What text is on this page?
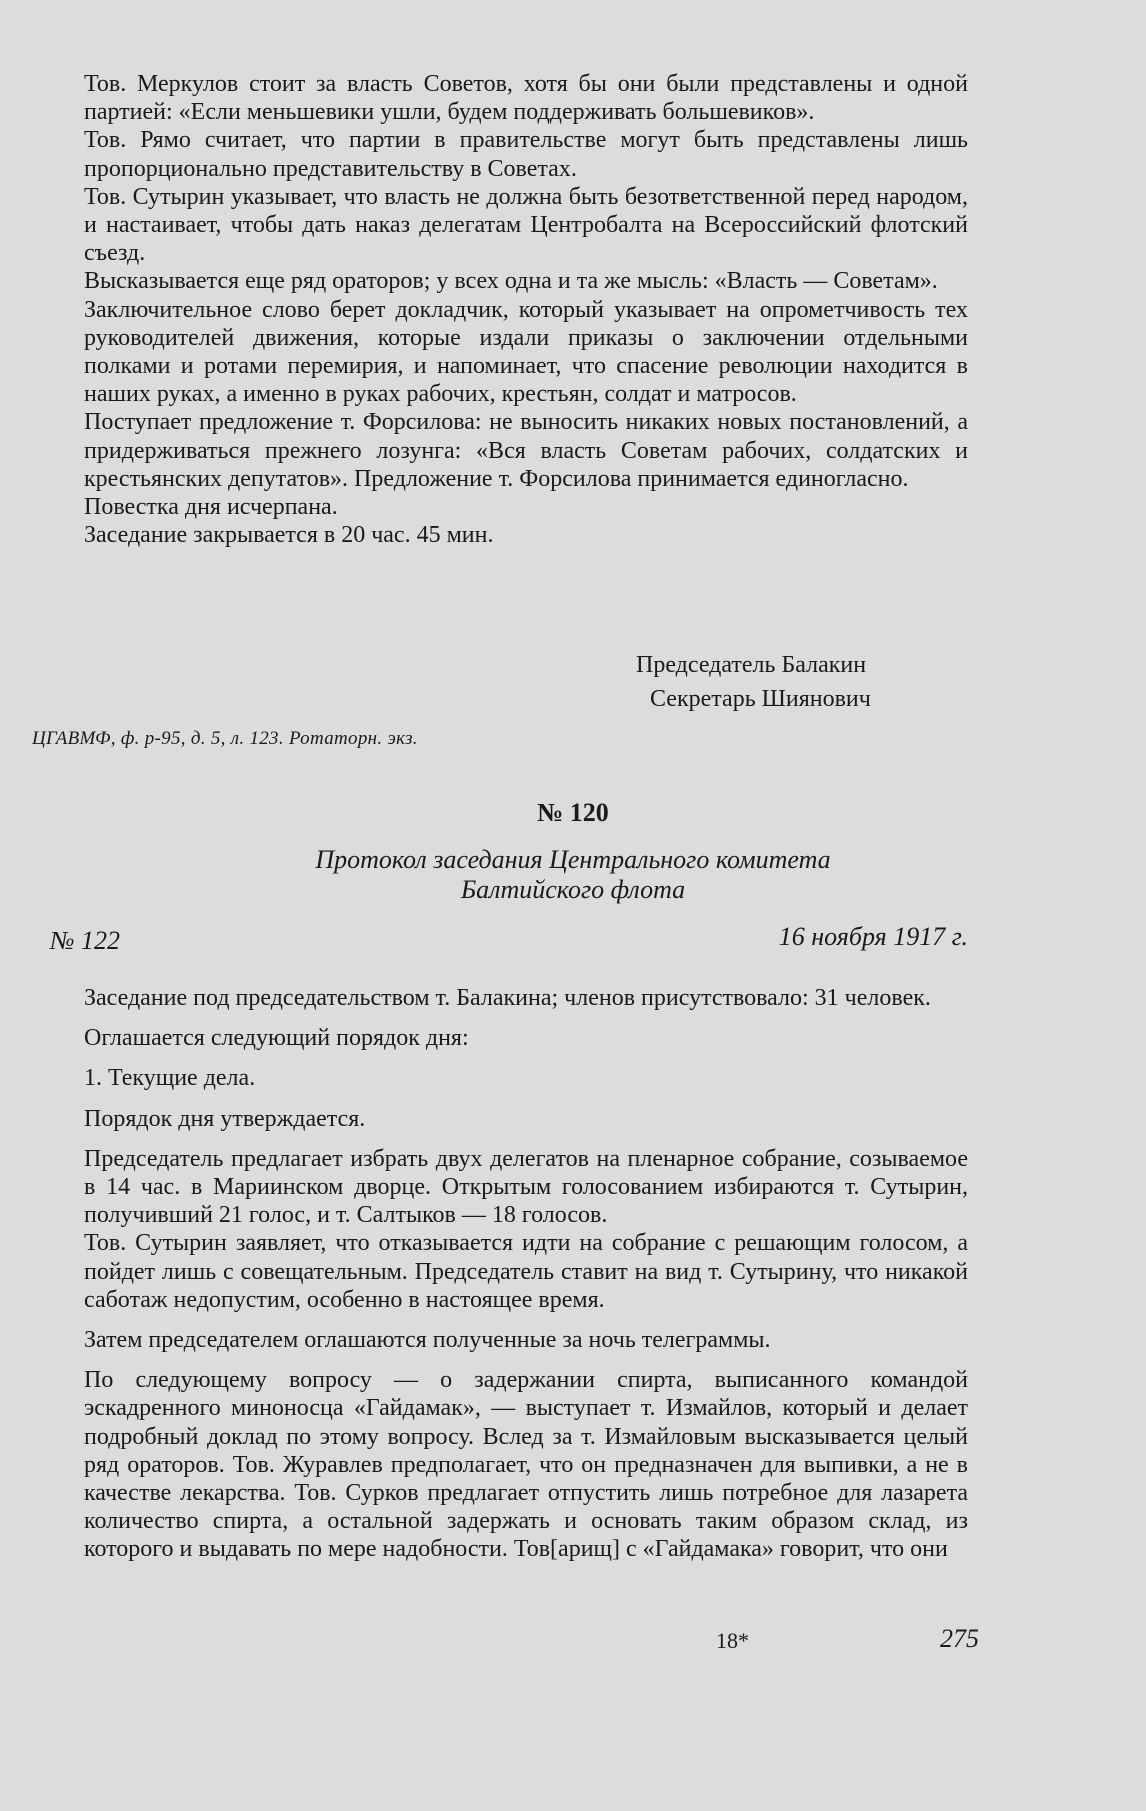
Тов. Меркулов стоит за власть Советов, хотя бы они были представлены и одной партией: «Если меньшевики ушли, будем поддерживать большевиков».

Тов. Рямо считает, что партии в правительстве могут быть представлены лишь пропорционально представительству в Советах.

Тов. Сутырин указывает, что власть не должна быть безответственной перед народом, и настаивает, чтобы дать наказ делегатам Центробалта на Всероссийский флотский съезд.

Высказывается еще ряд ораторов; у всех одна и та же мысль: «Власть — Советам».

Заключительное слово берет докладчик, который указывает на опрометчивость тех руководителей движения, которые издали приказы о заключении отдельными полками и ротами перемирия, и напоминает, что спасение революции находится в наших руках, а именно в руках рабочих, крестьян, солдат и матросов.

Поступает предложение т. Форсилова: не выносить никаких новых постановлений, а придерживаться прежнего лозунга: «Вся власть Советам рабочих, солдатских и крестьянских депутатов». Предложение т. Форсилова принимается единогласно.

Повестка дня исчерпана.

Заседание закрывается в 20 час. 45 мин.

Председатель Балакин
Секретарь Шиянович
ЦГАВМФ, ф. р-95, д. 5, л. 123. Ротаторн. экз.
№ 120
Протокол заседания Центрального комитета
Балтийского флота
№ 122	16 ноября 1917 г.

Заседание под председательством т. Балакина; членов присутствовало: 31 человек.

Оглашается следующий порядок дня:

1. Текущие дела.

Порядок дня утверждается.

Председатель предлагает избрать двух делегатов на пленарное собрание, созываемое в 14 час. в Мариинском дворце. Открытым голосованием избираются т. Сутырин, получивший 21 голос, и т. Салтыков — 18 голосов.

Тов. Сутырин заявляет, что отказывается идти на собрание с решающим голосом, а пойдет лишь с совещательным. Председатель ставит на вид т. Сутырину, что никакой саботаж недопустим, особенно в настоящее время.

Затем председателем оглашаются полученные за ночь телеграммы.

По следующему вопросу — о задержании спирта, выписанного командой эскадренного миноносца «Гайдамак», — выступает т. Измайлов, который и делает подробный доклад по этому вопросу. Вслед за т. Измайловым высказывается целый ряд ораторов. Тов. Журавлев предполагает, что он предназначен для выпивки, а не в качестве лекарства. Тов. Сурков предлагает отпустить лишь потребное для лазарета количество спирта, а остальной задержать и основать таким образом склад, из которого и выдавать по мере надобности. Тов[арищ] с «Гайдамака» говорит, что они

18*	275
